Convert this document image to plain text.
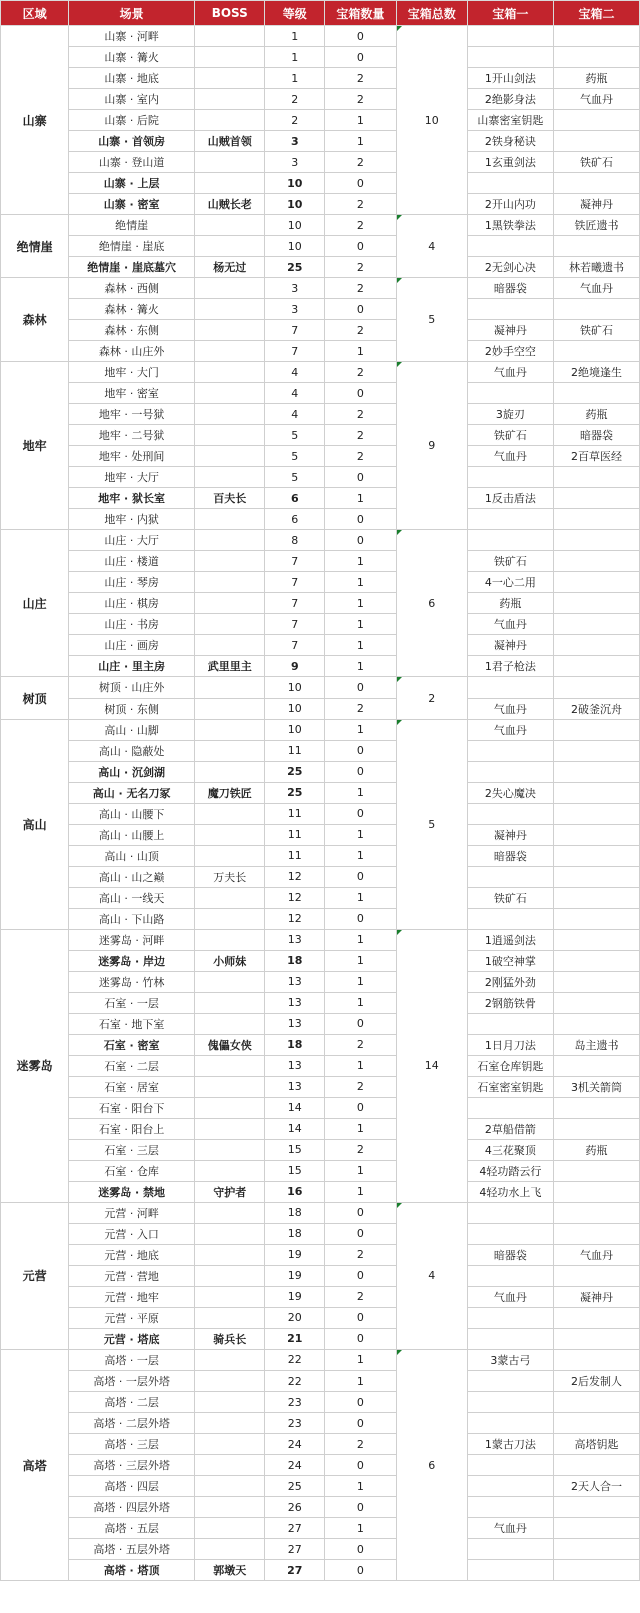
区域	场景	BOSS	等级	宝箱数量	宝箱总数	宝箱一	宝箱二
山寨	山寨 · 河畔		1	0	10		
	山寨 · 篝火		1	0			
	山寨 · 地底		1	2		1开山剑法	药瓶
	山寨 · 室内		2	2		2绝影身法	气血丹
	山寨 · 后院		2	1		山寨密室钥匙	
	山寨 · 首领房	山贼首领	3	1		2铁身秘诀	
	山寨 · 登山道		3	2		1玄重剑法	铁矿石
	山寨 · 上层		10	0			
	山寨 · 密室	山贼长老	10	2		2开山内功	凝神丹
绝情崖	绝情崖		10	2	4	1黑铁拳法	铁匠遗书
	绝情崖 · 崖底		10	0			
	绝情崖 · 崖底墓穴	杨无过	25	2		2无剑心决	林若曦遗书
森林	森林 · 西侧		3	2	5	暗器袋	气血丹
	森林 · 篝火		3	0			
	森林 · 东侧		7	2		凝神丹	铁矿石
	森林 · 山庄外		7	1		2妙手空空	
地牢	地牢 · 大门		4	2	9	气血丹	2绝境逢生
	地牢 · 密室		4	0			
	地牢 · 一号狱		4	2		3旋刃	药瓶
	地牢 · 二号狱		5	2		铁矿石	暗器袋
	地牢 · 处刑间		5	2		气血丹	2百草医经
	地牢 · 大厅		5	0			
	地牢 · 狱长室	百夫长	6	1		1反击盾法	
	地牢 · 内狱		6	0			
山庄	山庄 · 大厅		8	0	6		
	山庄 · 楼道		7	1		铁矿石	
	山庄 · 琴房		7	1		4一心二用	
	山庄 · 棋房		7	1		药瓶	
	山庄 · 书房		7	1		气血丹	
	山庄 · 画房		7	1		凝神丹	
	山庄 · 里主房	武里里主	9	1		1君子枪法	
树顶	树顶 · 山庄外		10	0	2		
	树顶 · 东侧		10	2		气血丹	2破釜沉舟
高山	高山 · 山脚		10	1	5	气血丹	
	高山 · 隐蔽处		11	0			
	高山 · 沉剑湖		25	0			
	高山 · 无名刀冢	魔刀铁匠	25	1		2失心魔决	
	高山 · 山腰下		11	0			
	高山 · 山腰上		11	1		凝神丹	
	高山 · 山顶		11	1		暗器袋	
	高山 · 山之巅	万夫长	12	0			
	高山 · 一线天		12	1		铁矿石	
	高山 · 下山路		12	0			
迷雾岛	迷雾岛 · 河畔		13	1	14	1逍遥剑法	
	迷雾岛 · 岸边	小师妹	18	1		1破空神掌	
	迷雾岛 · 竹林		13	1		2刚猛外劲	
	石室 · 一层		13	1		2钢筋铁骨	
	石室 · 地下室		13	0			
	石室 · 密室	傀儡女侠	18	2		1日月刀法	岛主遗书
	石室 · 二层		13	1		石室仓库钥匙	
	石室 · 居室		13	2		石室密室钥匙	3机关箭筒
	石室 · 阳台下		14	0			
	石室 · 阳台上		14	1		2草船借箭	
	石室 · 三层		15	2		4三花聚顶	药瓶
	石室 · 仓库		15	1		4轻功踏云行	
	迷雾岛 · 禁地	守护者	16	1		4轻功水上飞	
元营	元营 · 河畔		18	0	4		
	元营 · 入口		18	0			
	元营 · 地底		19	2		暗器袋	气血丹
	元营 · 营地		19	0			
	元营 · 地牢		19	2		气血丹	凝神丹
	元营 · 平原		20	0			
	元营 · 塔底	骑兵长	21	0			
高塔	高塔 · 一层		22	1	6	3蒙古弓	
	高塔 · 一层外塔		22	1			2后发制人
	高塔 · 二层		23	0			
	高塔 · 二层外塔		23	0			
	高塔 · 三层		24	2		1蒙古刀法	高塔钥匙
	高塔 · 三层外塔		24	0			
	高塔 · 四层		25	1			2天人合一
	高塔 · 四层外塔		26	0			
	高塔 · 五层		27	1		气血丹	
	高塔 · 五层外塔		27	0			
	高塔 · 塔顶	郭墩天	27	0			
